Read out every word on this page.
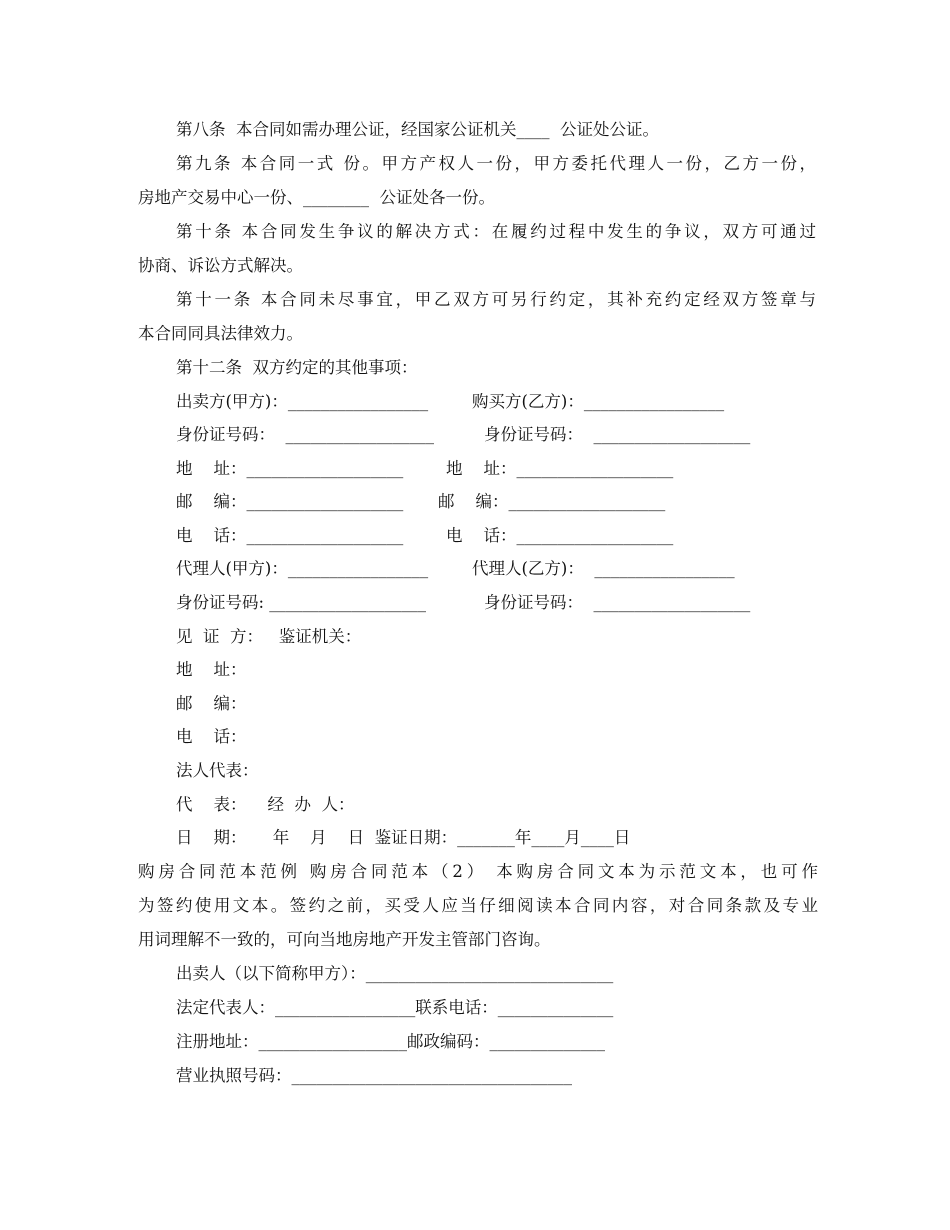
第八条  本合同如需办理公证，经国家公证机关____  公证处公证。
第九条 本合同一式 份。甲方产权人一份，甲方委托代理人一份，乙方一份，
房地产交易中心一份、________  公证处各一份。
第十条 本合同发生争议的解决方式：在履约过程中发生的争议，双方可通过
协商、诉讼方式解决。
第十一条 本合同未尽事宜，甲乙双方可另行约定，其补充约定经双方签章与
本合同同具法律效力。
第十二条  双方约定的其他事项：
出卖方(甲方)：_________________	购买方(乙方)：_________________
身份证号码：  __________________	身份证号码：  ___________________
地    址：___________________	地    址：___________________
邮    编：___________________ 邮    编：___________________
电    话：___________________	电    话：___________________
代理人(甲方)：_________________	代理人(乙方)：  _________________
身份证号码: ___________________	身份证号码：  ___________________
见  证  方：   鉴证机关：
地    址：
邮    编：
电    话：
法人代表：
代    表：    经  办  人：
日    期：     年    月    日  鉴证日期：_______年____月____日
购房合同范本范例 购房合同范本（2） 本购房合同文本为示范文本，也可作
为签约使用文本。签约之前，买受人应当仔细阅读本合同内容，对合同条款及专业
用词理解不一致的，可向当地房地产开发主管部门咨询。
出卖人（以下简称甲方）：______________________________
法定代表人：_________________联系电话：______________
注册地址：__________________邮政编码：______________
营业执照号码：__________________________________
